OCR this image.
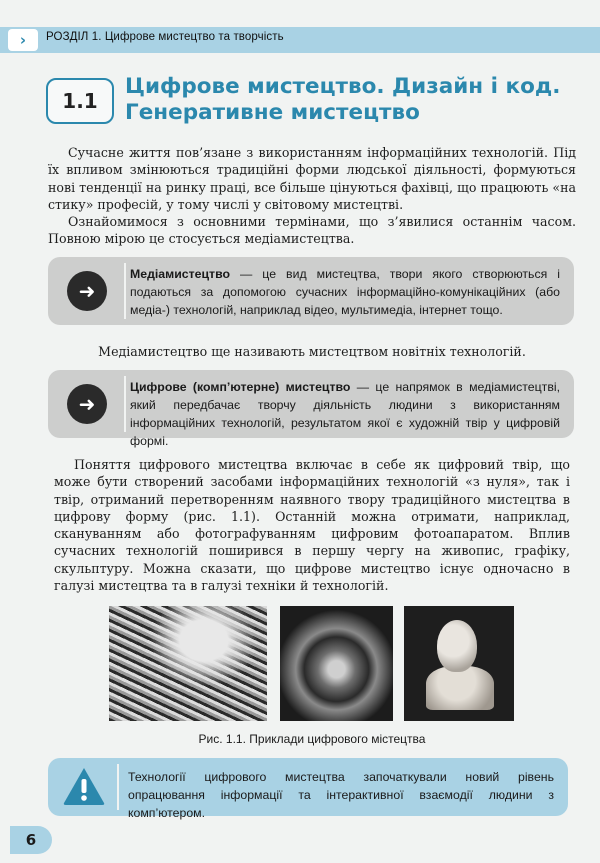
›	РОЗДІЛ 1. Цифрове мистецтво та творчість
1.1
Цифрове мистецтво. Дизайн і код. Генеративне мистецтво
Сучасне життя пов’язане з використанням інформаційних технологій. Під їх впливом змінюються традиційні форми людської діяльності, формуються нові тенденції на ринку праці, все більше цінуються фахівці, що працюють «на стику» професій, у тому числі у світовому мистецтві.
Ознайомимося з основними термінами, що з’явилися останнім часом. Повною мірою це стосується медіамистецтва.
➜
Медіамистецтво — це вид мистецтва, твори якого створюються і подаються за допомогою сучасних інформаційно-комунікаційних (або медіа-) технологій, наприклад відео, мультимедіа, інтернет тощо.
Медіамистецтво ще називають мистецтвом новітніх технологій.
➜
Цифрове (комп’ютерне) мистецтво — це напрямок в медіамистецтві, який передбачає творчу діяльність людини з використанням інформаційних технологій, результатом якої є художній твір у цифровій формі.
Поняття цифрового мистецтва включає в себе як цифровий твір, що може бути створений засобами інформаційних технологій «з нуля», так і твір, отриманий перетворенням наявного твору традиційного мистецтва в цифрову форму (рис. 1.1). Останній можна отримати, наприклад, скануванням або фотографуванням цифровим фотоапаратом. Вплив сучасних технологій поширився в першу чергу на живопис, графіку, скульптуру. Можна сказати, що цифрове мистецтво існує одночасно в галузі мистецтва та в галузі техніки й технологій.
Рис. 1.1. Приклади цифрового містецтва
Технології цифрового мистецтва започаткували новий рівень опрацювання інформації та інтерактивної взаємодії людини з комп’ютером.
6
